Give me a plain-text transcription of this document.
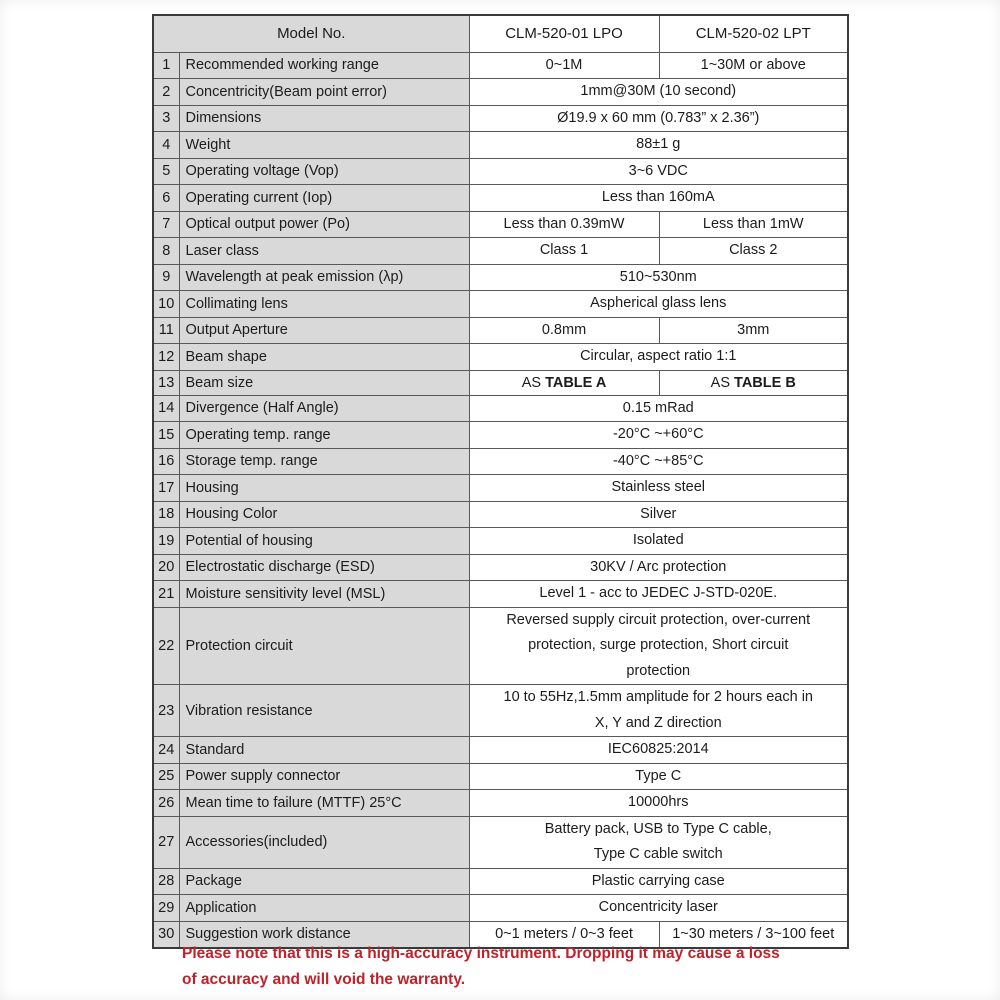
Model No.		CLM-520-01 LPO	CLM-520-02 LPT
1	Recommended working range	0~1M	1~30M or above

2	Concentricity(Beam point error)	1mm@30M (10 second)	

3	Dimensions	Ø19.9 x 60 mm (0.783” x 2.36”)	

4	Weight	88±1 g	

5	Operating voltage (Vop)	3~6 VDC	

6	Operating current (Iop)	Less than 160mA	

7	Optical output power (Po)	Less than 0.39mW	Less than 1mW

8	Laser class	Class 1	Class 2

9	Wavelength at peak emission (λp)	510~530nm	

10	Collimating lens	Aspherical glass lens	

11	Output Aperture	0.8mm	3mm

12	Beam shape	Circular, aspect ratio 1:1	

13	Beam size	AS TABLE A	AS TABLE B
14	Divergence (Half Angle)	0.15 mRad	

15	Operating temp. range	-20°C ~+60°C	

16	Storage temp. range	-40°C ~+85°C	

17	Housing	Stainless steel	

18	Housing Color	Silver	

19	Potential of housing	Isolated	

20	Electrostatic discharge (ESD)	30KV / Arc protection	

21	Moisture sensitivity level (MSL)	Level 1 - acc to JEDEC J-STD-020E.	

22	Protection circuit	Reversed supply circuit protection, over-current
protection, surge protection, Short circuit
protection	

23	Vibration resistance	10 to 55Hz,1.5mm amplitude for 2 hours each in
X, Y and Z direction	

24	Standard	IEC60825:2014	

25	Power supply connector	Type C	

26	Mean time to failure (MTTF) 25°C	10000hrs	

27	Accessories(included)	Battery pack, USB to Type C cable,
Type C cable switch	

28	Package	Plastic carrying case	

29	Application	Concentricity laser	

30	Suggestion work distance	0~1 meters / 0~3 feet	1~30 meters / 3~100 feet
Please note that this is a high-accuracy instrument. Dropping it may cause a loss
of accuracy and will void the warranty.
